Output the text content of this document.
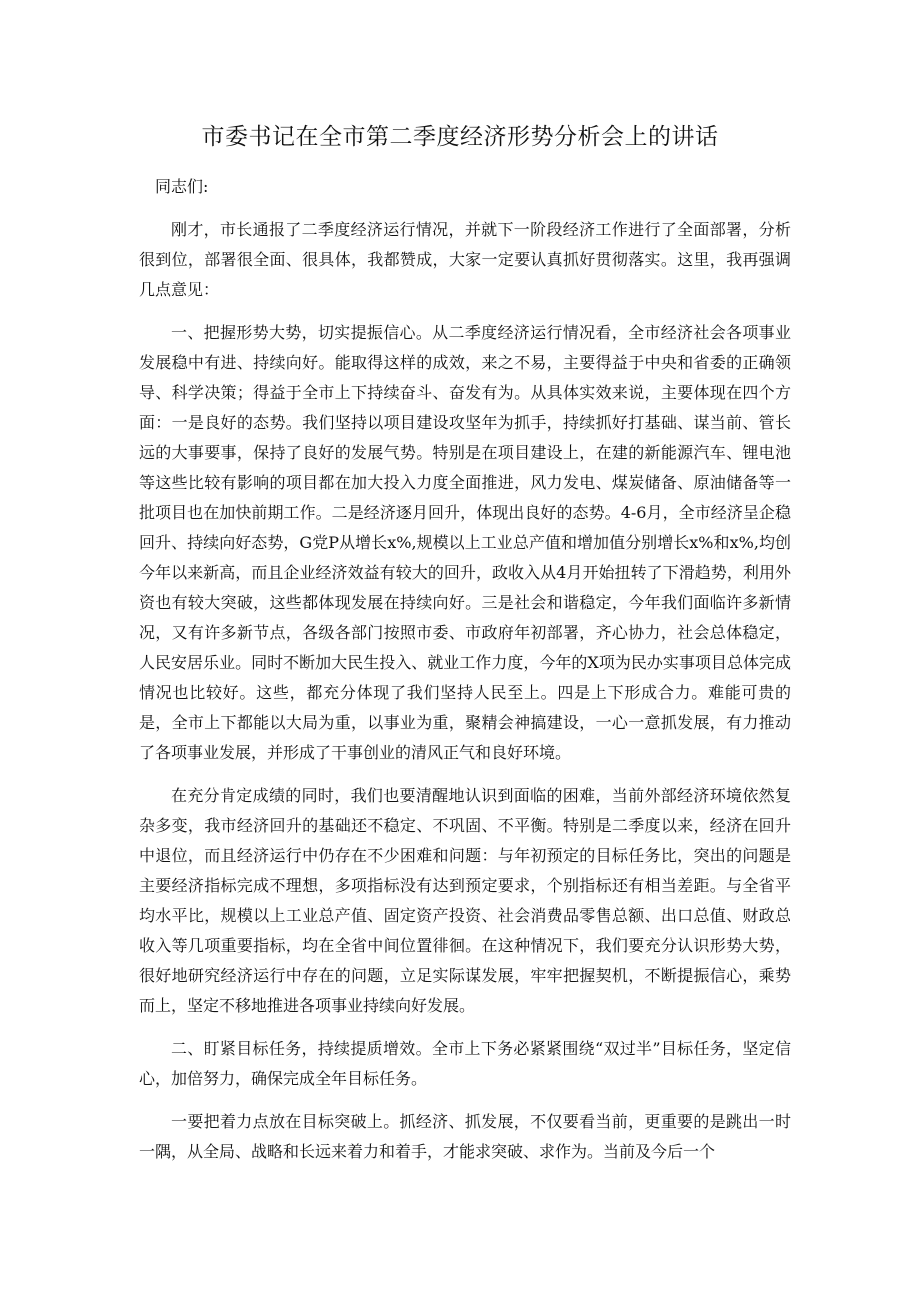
市委书记在全市第二季度经济形势分析会上的讲话

同志们:

刚才，市长通报了二季度经济运行情况，并就下一阶段经济工作进行了全面部署，分析很到位，部署很全面、很具体，我都赞成，大家一定要认真抓好贯彻落实。这里，我再强调几点意见：

一、把握形势大势，切实提振信心。从二季度经济运行情况看，全市经济社会各项事业发展稳中有进、持续向好。能取得这样的成效，来之不易，主要得益于中央和省委的正确领导、科学决策；得益于全市上下持续奋斗、奋发有为。从具体实效来说，主要体现在四个方面：一是良好的态势。我们坚持以项目建设攻坚年为抓手，持续抓好打基础、谋当前、管长远的大事要事，保持了良好的发展气势。特别是在项目建设上，在建的新能源汽车、锂电池等这些比较有影响的项目都在加大投入力度全面推进，风力发电、煤炭储备、原油储备等一批项目也在加快前期工作。二是经济逐月回升，体现出良好的态势。4-6月，全市经济呈企稳回升、持续向好态势，G党P从增长x%,规模以上工业总产值和增加值分别增长x%和x%,均创今年以来新高，而且企业经济效益有较大的回升，政收入从4月开始扭转了下滑趋势，利用外资也有较大突破，这些都体现发展在持续向好。三是社会和谐稳定，今年我们面临许多新情况，又有许多新节点，各级各部门按照市委、市政府年初部署，齐心协力，社会总体稳定，人民安居乐业。同时不断加大民生投入、就业工作力度，今年的X项为民办实事项目总体完成情况也比较好。这些，都充分体现了我们坚持人民至上。四是上下形成合力。难能可贵的是，全市上下都能以大局为重，以事业为重，聚精会神搞建设，一心一意抓发展，有力推动了各项事业发展，并形成了干事创业的清风正气和良好环境。

在充分肯定成绩的同时，我们也要清醒地认识到面临的困难，当前外部经济环境依然复杂多变，我市经济回升的基础还不稳定、不巩固、不平衡。特别是二季度以来，经济在回升中退位，而且经济运行中仍存在不少困难和问题：与年初预定的目标任务比，突出的问题是主要经济指标完成不理想，多项指标没有达到预定要求，个别指标还有相当差距。与全省平均水平比，规模以上工业总产值、固定资产投资、社会消费品零售总额、出口总值、财政总收入等几项重要指标，均在全省中间位置徘徊。在这种情况下，我们要充分认识形势大势，很好地研究经济运行中存在的问题，立足实际谋发展，牢牢把握契机，不断提振信心，乘势而上，坚定不移地推进各项事业持续向好发展。

二、盯紧目标任务，持续提质增效。全市上下务必紧紧围绕“双过半”目标任务，坚定信心，加倍努力，确保完成全年目标任务。

一要把着力点放在目标突破上。抓经济、抓发展，不仅要看当前，更重要的是跳出一时一隅，从全局、战略和长远来着力和着手，才能求突破、求作为。当前及今后一个
